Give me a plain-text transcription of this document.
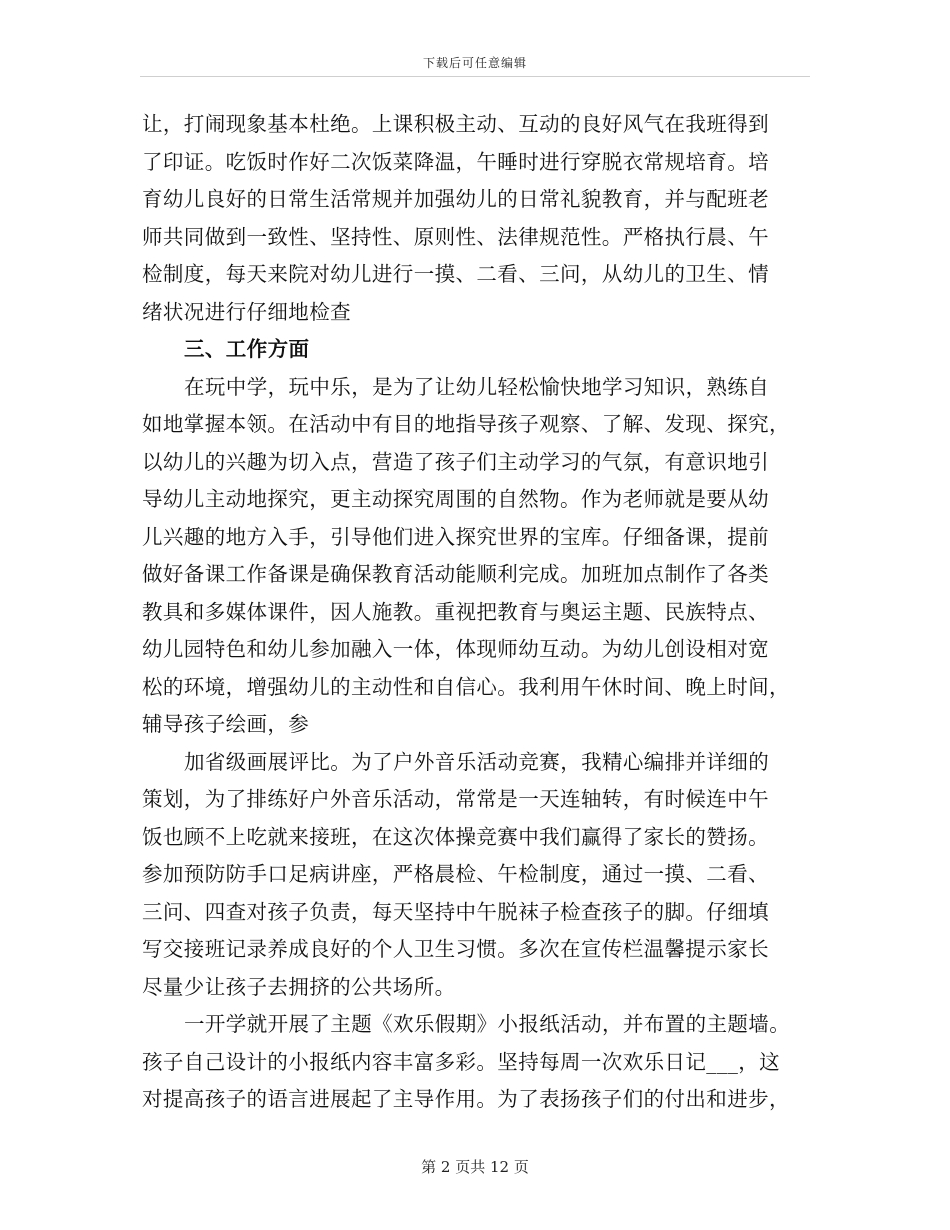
下载后可任意编辑
让，打闹现象基本杜绝。上课积极主动、互动的良好风气在我班得到
了印证。吃饭时作好二次饭菜降温，午睡时进行穿脱衣常规培育。培
育幼儿良好的日常生活常规并加强幼儿的日常礼貌教育，并与配班老
师共同做到一致性、坚持性、原则性、法律规范性。严格执行晨、午
检制度，每天来院对幼儿进行一摸、二看、三问，从幼儿的卫生、情
绪状况进行仔细地检查
三、工作方面
在玩中学，玩中乐，是为了让幼儿轻松愉快地学习知识，熟练自
如地掌握本领。在活动中有目的地指导孩子观察、了解、发现、探究，
以幼儿的兴趣为切入点，营造了孩子们主动学习的气氛，有意识地引
导幼儿主动地探究，更主动探究周围的自然物。作为老师就是要从幼
儿兴趣的地方入手，引导他们进入探究世界的宝库。仔细备课，提前
做好备课工作备课是确保教育活动能顺利完成。加班加点制作了各类
教具和多媒体课件，因人施教。重视把教育与奥运主题、民族特点、
幼儿园特色和幼儿参加融入一体，体现师幼互动。为幼儿创设相对宽
松的环境，增强幼儿的主动性和自信心。我利用午休时间、晚上时间，
辅导孩子绘画，参
加省级画展评比。为了户外音乐活动竞赛，我精心编排并详细的
策划，为了排练好户外音乐活动，常常是一天连轴转，有时候连中午
饭也顾不上吃就来接班，在这次体操竞赛中我们赢得了家长的赞扬。
参加预防防手口足病讲座，严格晨检、午检制度，通过一摸、二看、
三问、四查对孩子负责，每天坚持中午脱袜子检查孩子的脚。仔细填
写交接班记录养成良好的个人卫生习惯。多次在宣传栏温馨提示家长
尽量少让孩子去拥挤的公共场所。
一开学就开展了主题《欢乐假期》小报纸活动，并布置的主题墙。
孩子自己设计的小报纸内容丰富多彩。坚持每周一次欢乐日记___，这
对提高孩子的语言进展起了主导作用。为了表扬孩子们的付出和进步，
第 2 页共 12 页
